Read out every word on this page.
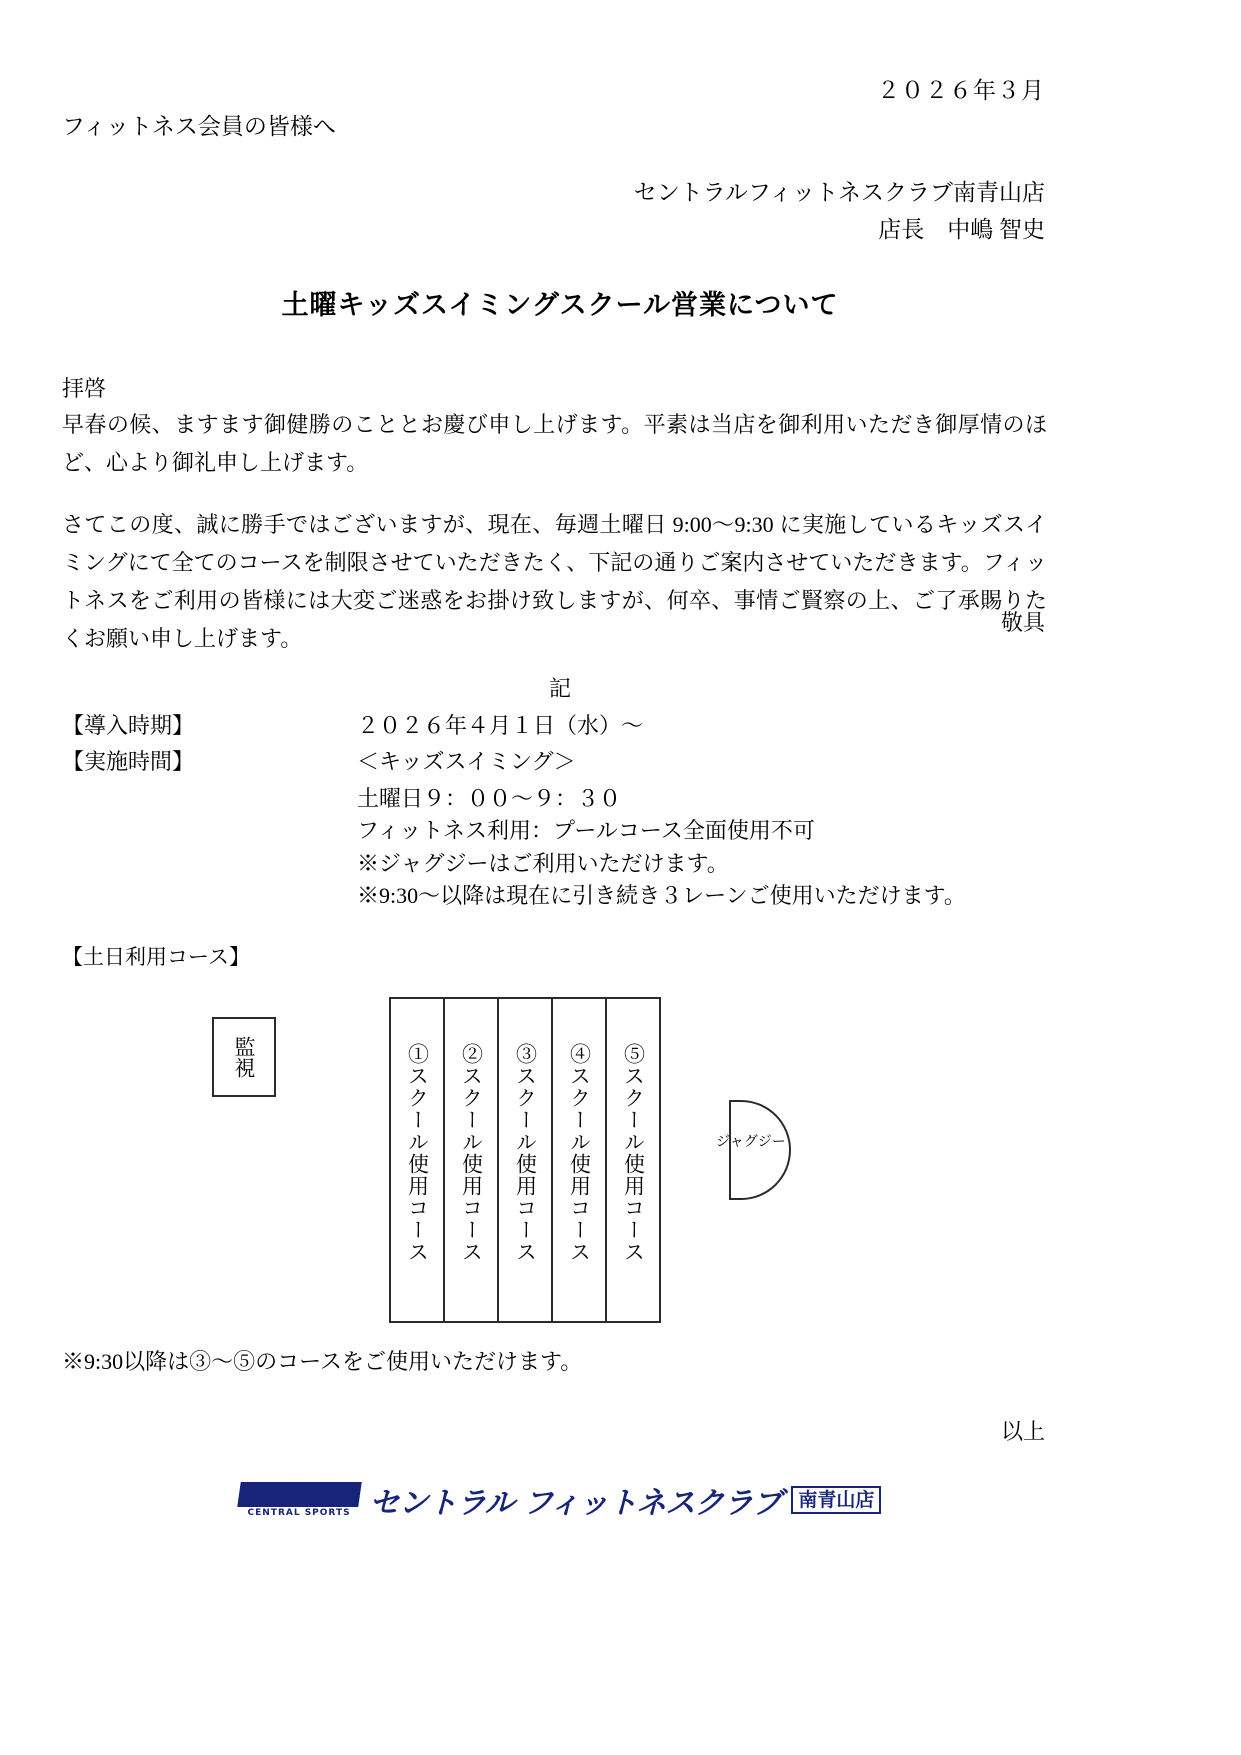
２０２６年３月
フィットネス会員の皆様へ
セントラルフィットネスクラブ南青山店
店長　中嶋 智史
土曜キッズスイミングスクール営業について
拝啓
早春の候、ますます御健勝のこととお慶び申し上げます。平素は当店を御利用いただき御厚情のほど、心より御礼申し上げます。
さてこの度、誠に勝手ではございますが、現在、毎週土曜日 9:00〜9:30 に実施しているキッズスイミングにて全てのコースを制限させていただきたく、下記の通りご案内させていただきます。フィットネスをご利用の皆様には大変ご迷惑をお掛け致しますが、何卒、事情ご賢察の上、ご了承賜りたくお願い申し上げます。
敬具
記
【導入時期】	２０２６年４月１日（水）〜
【実施時間】	＜キッズスイミング＞
土曜日９：００〜９：３０
フィットネス利用：プールコース全面使用不可
※ジャグジーはご利用いただけます。
※9:30〜以降は現在に引き続き３レーンご使用いただけます。
【土日利用コース】
監視	①スクール使用コース
②スクール使用コース
③スクール使用コース
④スクール使用コース
⑤スクール使用コース	ジャグジー
※9:30以降は③〜⑤のコースをご使用いただけます。
以上
CENTRAL
CENTRAL SPORTS セントラル フィットネスクラブ 南青山店
